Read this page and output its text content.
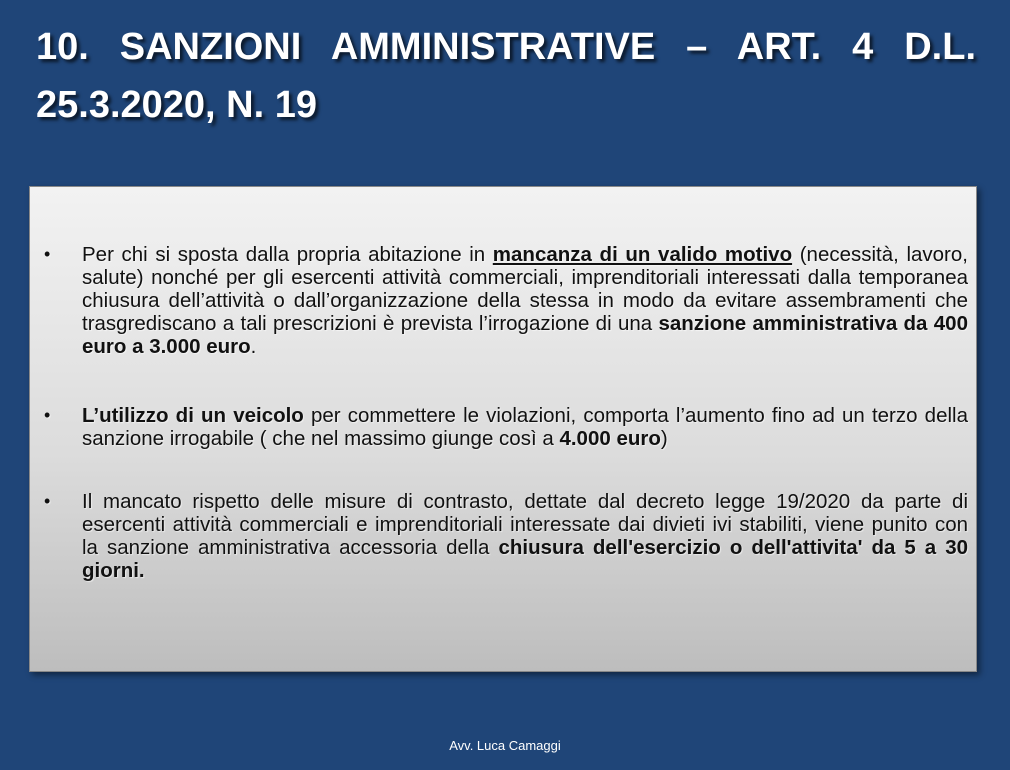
10. SANZIONI AMMINISTRATIVE – ART. 4 D.L. 25.3.2020, N. 19
• Per chi si sposta dalla propria abitazione in mancanza di un valido motivo (necessità, lavoro, salute) nonché per gli esercenti attività commerciali, imprenditoriali interessati dalla temporanea chiusura dell’attività o dall’organizzazione della stessa in modo da evitare assembramenti che trasgrediscano a tali prescrizioni è prevista l’irrogazione di una sanzione amministrativa da 400 euro a 3.000 euro.
• L’utilizzo di un veicolo per commettere le violazioni, comporta l’aumento fino ad un terzo della sanzione irrogabile ( che nel massimo giunge così a 4.000 euro)
• Il mancato rispetto delle misure di contrasto, dettate dal decreto legge 19/2020 da parte di esercenti attività commerciali e imprenditoriali interessate dai divieti ivi stabiliti, viene punito con la sanzione amministrativa accessoria della chiusura dell'esercizio o dell'attivita' da 5 a 30 giorni.
Avv. Luca Camaggi
